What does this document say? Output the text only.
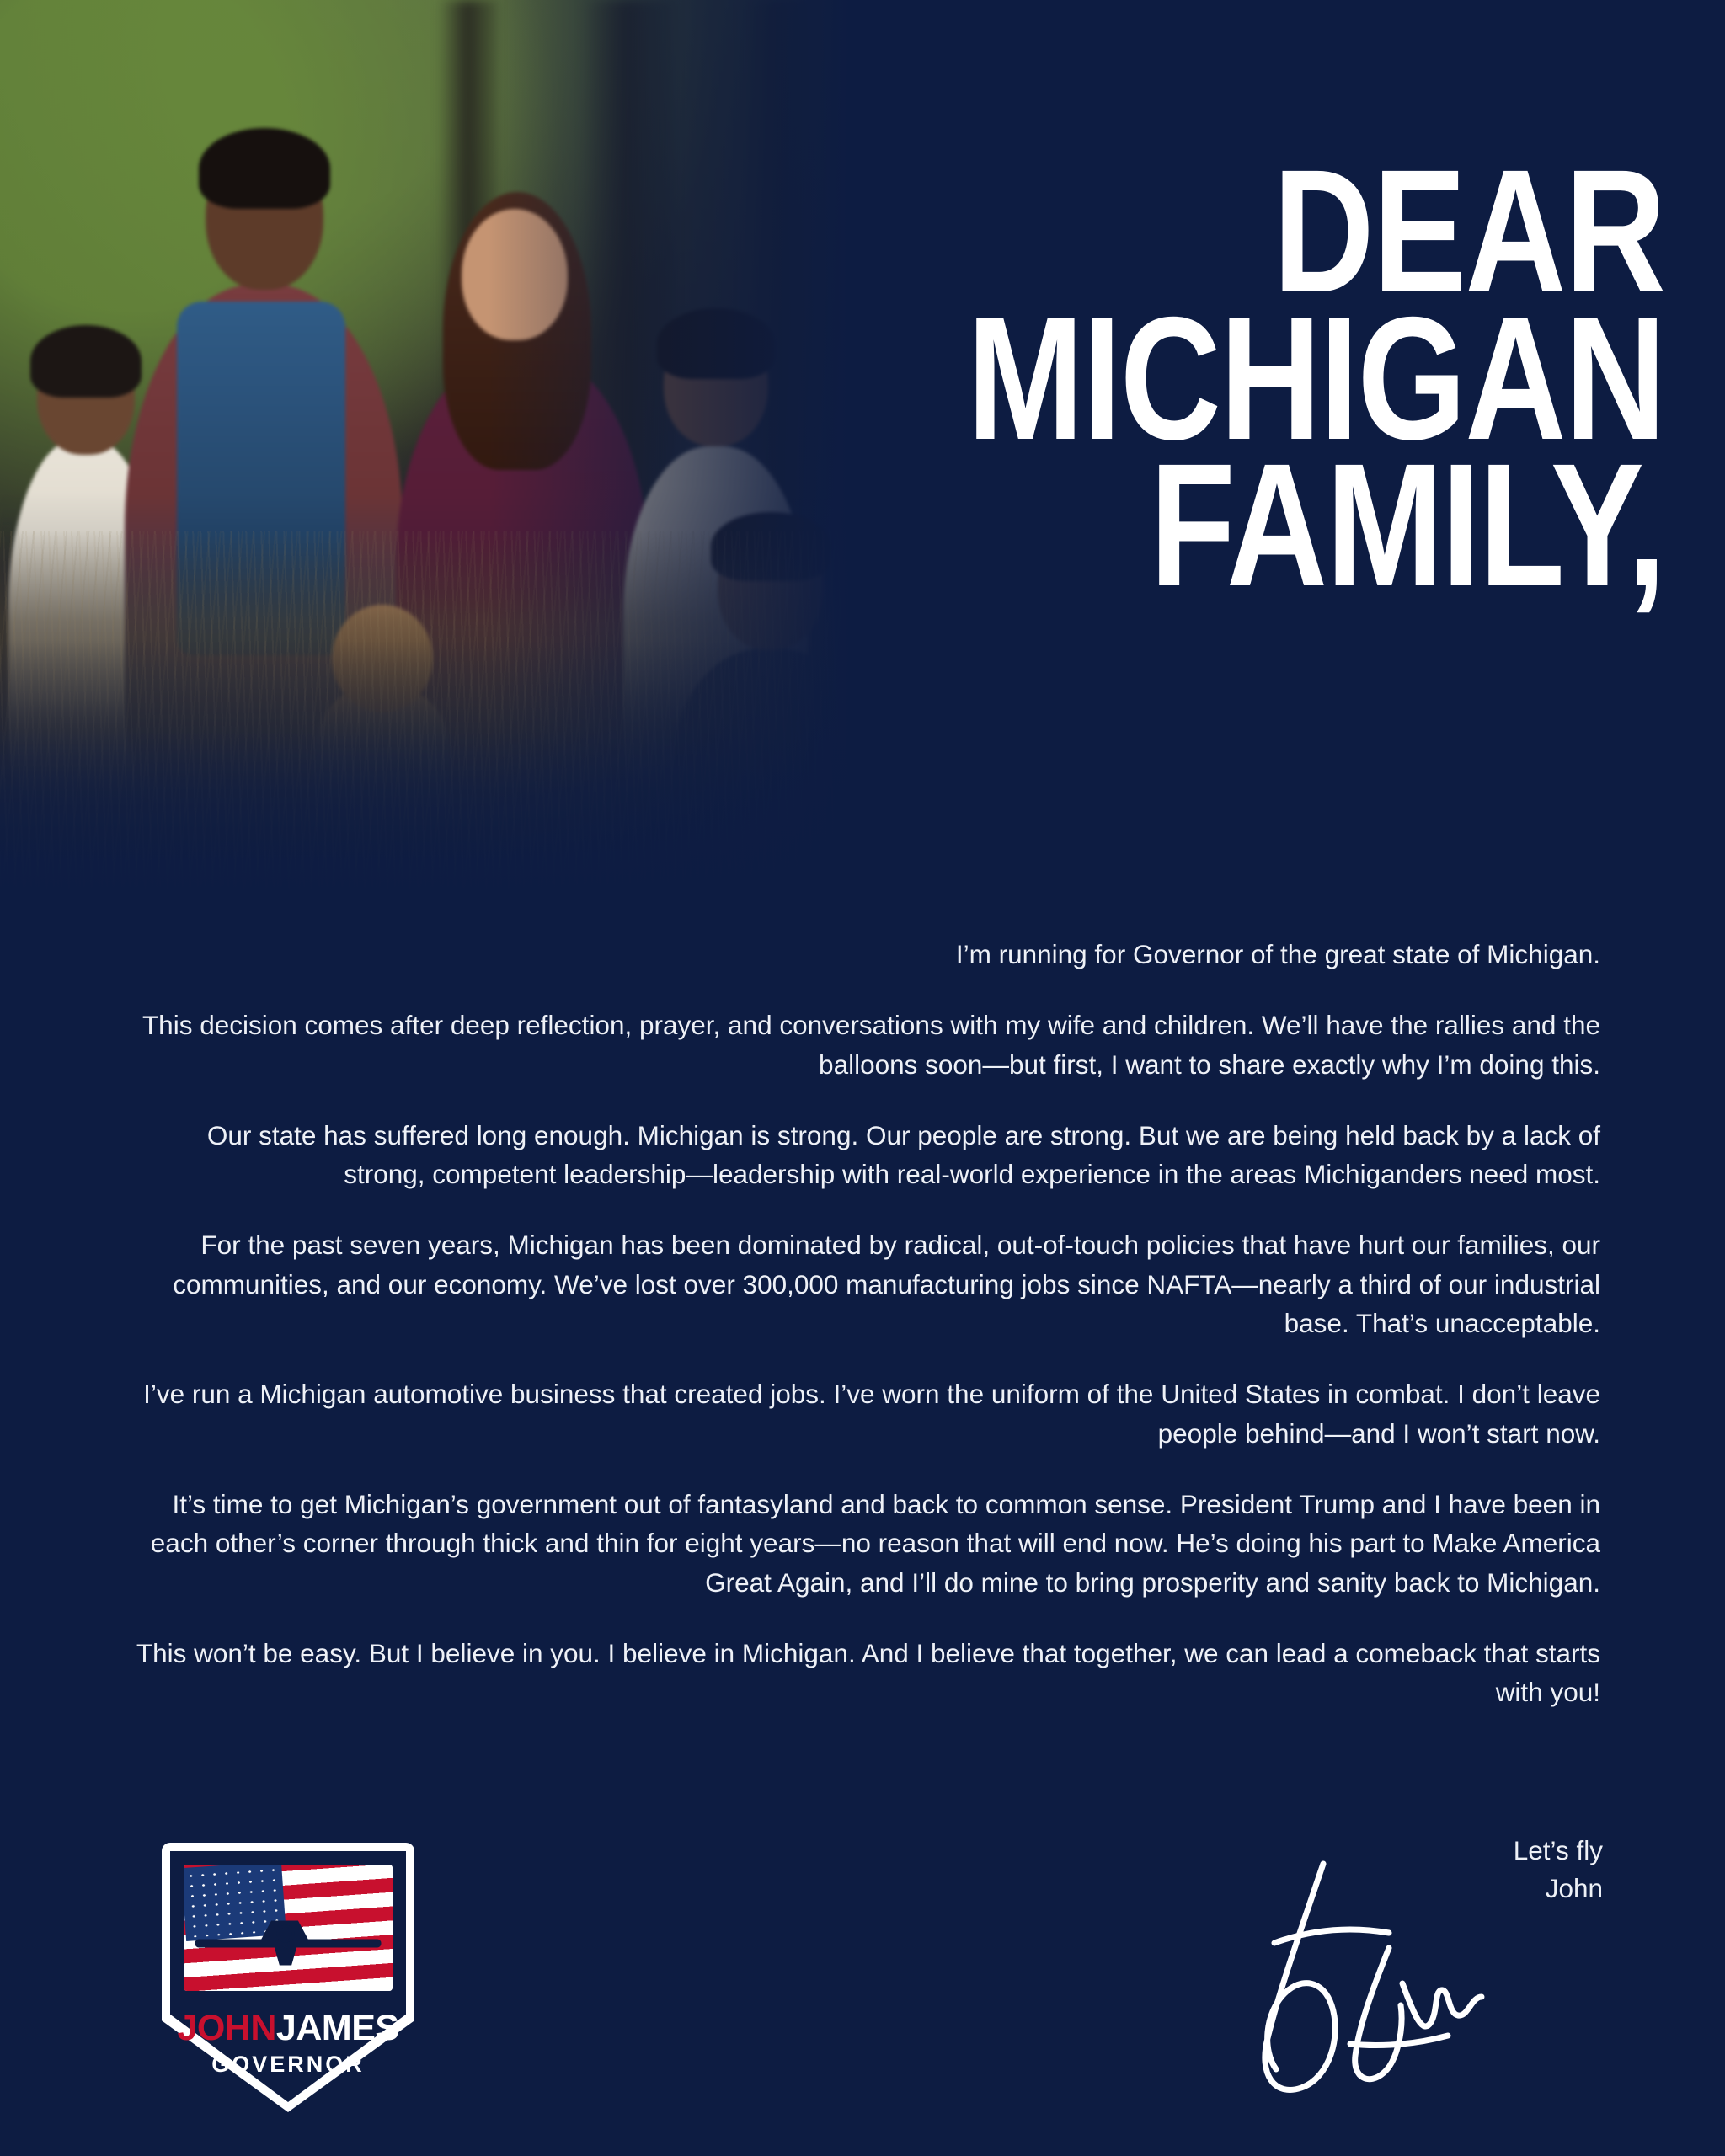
DEAR
MICHIGAN
FAMILY,

I’m running for Governor of the great state of Michigan.

This decision comes after deep reflection, prayer, and conversations with my wife and children. We’ll have the rallies and the balloons soon—but first, I want to share exactly why I’m doing this.

Our state has suffered long enough. Michigan is strong. Our people are strong. But we are being held back by a lack of strong, competent leadership—leadership with real-world experience in the areas Michiganders need most.

For the past seven years, Michigan has been dominated by radical, out-of-touch policies that have hurt our families, our communities, and our economy. We’ve lost over 300,000 manufacturing jobs since NAFTA—nearly a third of our industrial base. That’s unacceptable.

I’ve run a Michigan automotive business that created jobs. I’ve worn the uniform of the United States in combat. I don’t leave people behind—and I won’t start now.

It’s time to get Michigan’s government out of fantasyland and back to common sense. President Trump and I have been in each other’s corner through thick and thin for eight years—no reason that will end now. He’s doing his part to Make America Great Again, and I’ll do mine to bring prosperity and sanity back to Michigan.

This won’t be easy. But I believe in you. I believe in Michigan. And I believe that together, we can lead a comeback that starts with you!

Let’s fly
John
JOHNJAMES
GOVERNOR
